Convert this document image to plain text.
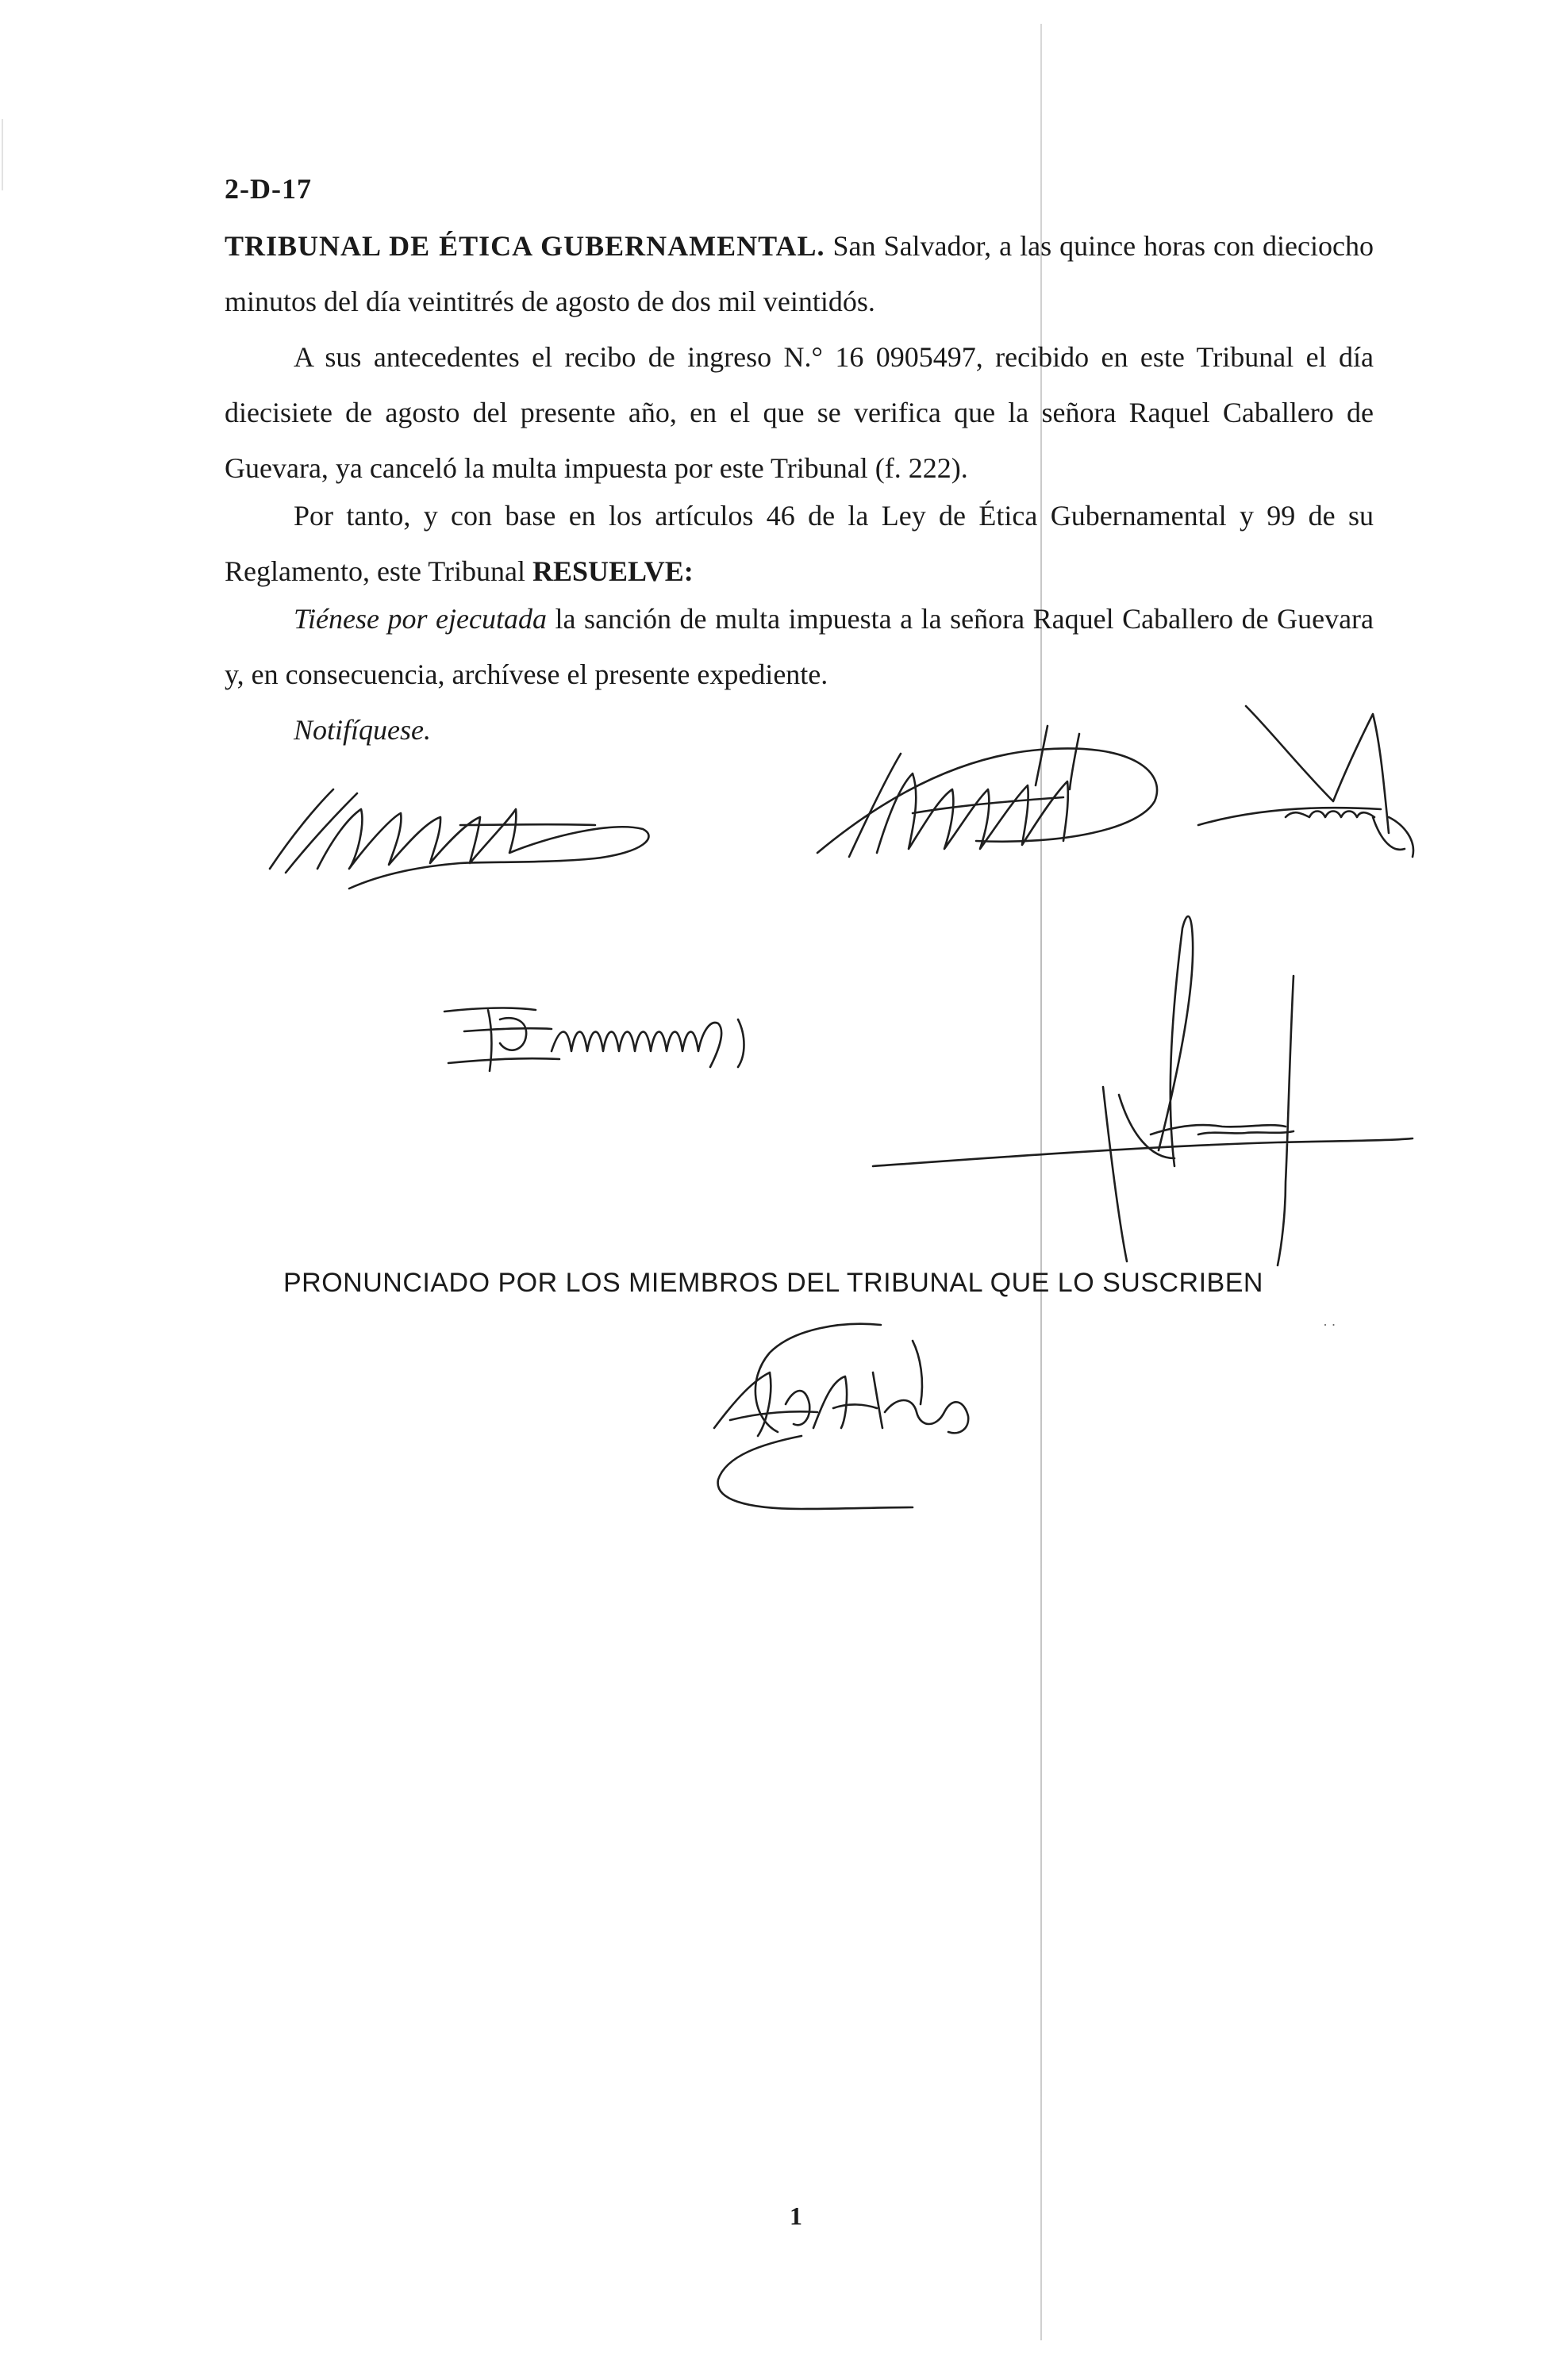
2-D-17
TRIBUNAL DE ÉTICA GUBERNAMENTAL. San Salvador, a las quince horas con dieciocho minutos del día veintitrés de agosto de dos mil veintidós.
A sus antecedentes el recibo de ingreso N.° 16 0905497, recibido en este Tribunal el día diecisiete de agosto del presente año, en el que se verifica que la señora Raquel Caballero de Guevara, ya canceló la multa impuesta por este Tribunal (f. 222).
Por tanto, y con base en los artículos 46 de la Ley de Ética Gubernamental y 99 de su Reglamento, este Tribunal RESUELVE:
Tiénese por ejecutada la sanción de multa impuesta a la señora Raquel Caballero de Guevara y, en consecuencia, archívese el presente expediente.
Notifíquese.
PRONUNCIADO POR LOS MIEMBROS DEL TRIBUNAL QUE LO SUSCRIBEN
· ·
1
